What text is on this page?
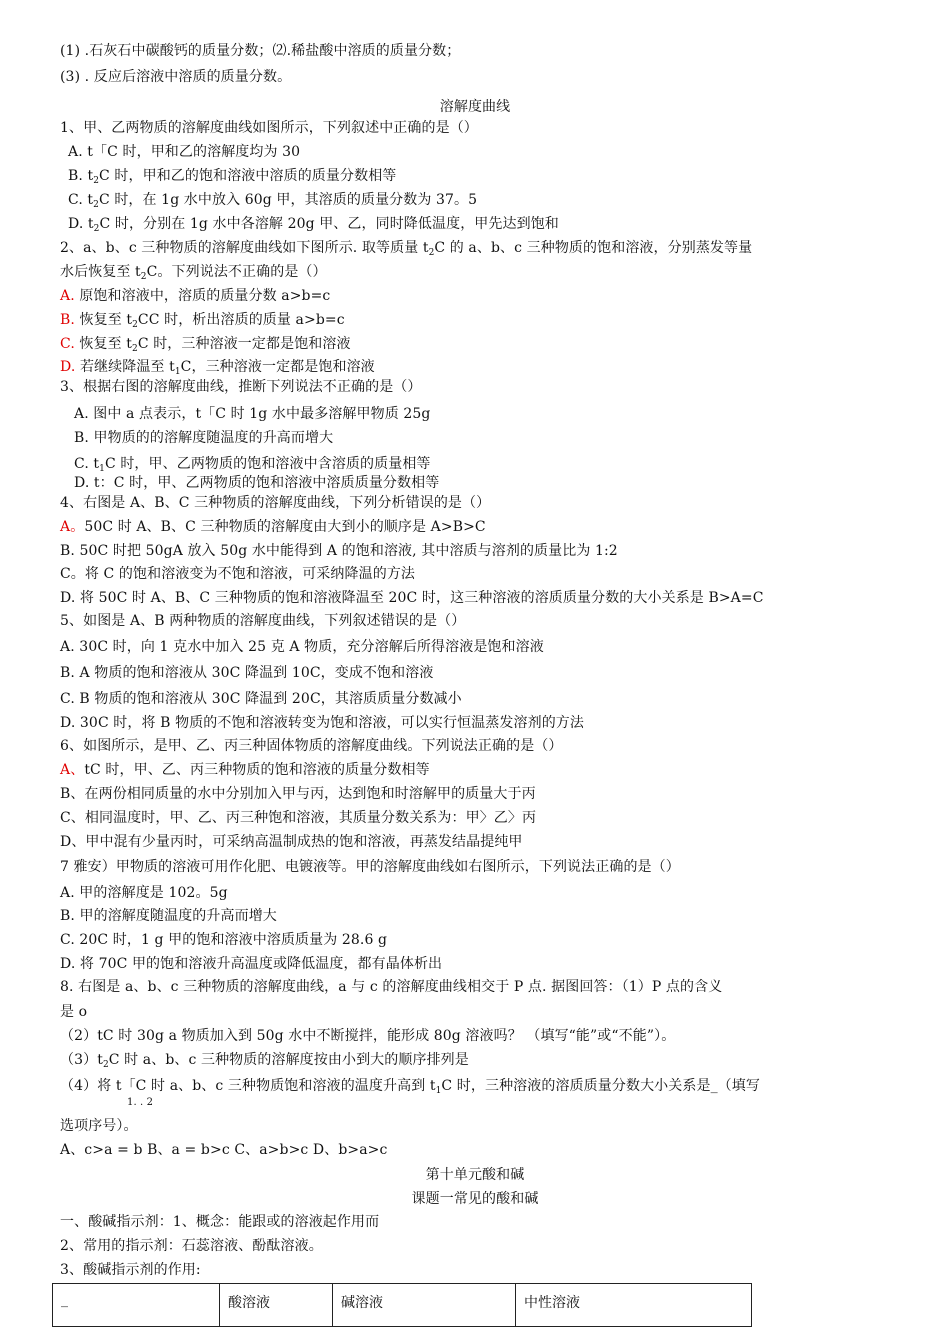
(1) .石灰石中碳酸钙的质量分数；⑵.稀盐酸中溶质的质量分数；
(3) . 反应后溶液中溶质的质量分数。
溶解度曲线
1、甲、乙两物质的溶解度曲线如图所示，下列叙述中正确的是（）
A. t「C 时，甲和乙的溶解度均为 30
B. $t_2C$ 时，甲和乙的饱和溶液中溶质的质量分数相等
C. $t_2C$ 时，在 1g 水中放入 60g 甲，其溶质的质量分数为 37。5
D. $t_2C$ 时，分别在 1g 水中各溶解 20g 甲、乙，同时降低温度，甲先达到饱和
2、a、b、c 三种物质的溶解度曲线如下图所示. 取等质量 $t_2C$ 的 a、b、c 三种物质的饱和溶液，分别蒸发等量
水后恢复至 $t_2C$。下列说法不正确的是（）
A. 原饱和溶液中，溶质的质量分数 a>b=c
B. 恢复至 $t_2CC$ 时，析出溶质的质量 a>b=c
C. 恢复至 $t_2C$ 时，三种溶液一定都是饱和溶液
D. 若继续降温至 $t_1C$，三种溶液一定都是饱和溶液
3、根据右图的溶解度曲线，推断下列说法不正确的是（）
A. 图中 a 点表示，t「C 时 1g 水中最多溶解甲物质 25g
B. 甲物质的的溶解度随温度的升高而增大
C. $t_1C$ 时，甲、乙两物质的饱和溶液中含溶质的质量相等
D. t：C 时，甲、乙两物质的饱和溶液中溶质质量分数相等
4、右图是 A、B、C 三种物质的溶解度曲线，下列分析错误的是（）
A。50C 时 A、B、C 三种物质的溶解度由大到小的顺序是 A>B>C
B. 50C 时把 50gA 放入 50g 水中能得到 A 的饱和溶液, 其中溶质与溶剂的质量比为 1:2
C。将 C 的饱和溶液变为不饱和溶液，可采纳降温的方法
D. 将 50C 时 A、B、C 三种物质的饱和溶液降温至 20C 时，这三种溶液的溶质质量分数的大小关系是 B>A=C
5、如图是 A、B 两种物质的溶解度曲线，下列叙述错误的是（）
A. 30C 时，向 1 克水中加入 25 克 A 物质，充分溶解后所得溶液是饱和溶液
B. A 物质的饱和溶液从 30C 降温到 10C，变成不饱和溶液
C. B 物质的饱和溶液从 30C 降温到 20C，其溶质质量分数减小
D. 30C 时，将 B 物质的不饱和溶液转变为饱和溶液，可以实行恒温蒸发溶剂的方法
6、如图所示，是甲、乙、丙三种固体物质的溶解度曲线。下列说法正确的是（）
A、tC 时，甲、乙、丙三种物质的饱和溶液的质量分数相等
B、在两份相同质量的水中分别加入甲与丙，达到饱和时溶解甲的质量大于丙
C、相同温度时，甲、乙、丙三种饱和溶液，其质量分数关系为：甲〉乙〉丙
D、甲中混有少量丙时，可采纳高温制成热的饱和溶液，再蒸发结晶提纯甲
7 雅安）甲物质的溶液可用作化肥、电镀液等。甲的溶解度曲线如右图所示，下列说法正确的是（）
A. 甲的溶解度是 102。5g
B. 甲的溶解度随温度的升高而增大
C. 20C 时，1 g 甲的饱和溶液中溶质质量为 28.6 g
D. 将 70C 甲的饱和溶液升高温度或降低温度，都有晶体析出
8. 右图是 a、b、c 三种物质的溶解度曲线，a 与 c 的溶解度曲线相交于 P 点. 据图回答：（1）P 点的含义
是 o
（2）tC 时 30g a 物质加入到 50g 水中不断搅拌，能形成 80g 溶液吗？ （填写“能”或“不能”）。
$(3)t_2C$ 时 a、b、c 三种物质的溶解度按由小到大的顺序排列是
（4）将 t「C 时 a、b、c 三种物质饱和溶液的温度升高到 $t_1C$ 时，三种溶液的溶质质量分数大小关系是_（填写
1. . 2
选项序号）。
A、c>a = b B、a = b>c C、a>b>c D、b>a>c
第十单元酸和碱
课题一常见的酸和碱
一、酸碱指示剂：1、概念：能跟或的溶液起作用而
2、常用的指示剂：石蕊溶液、酚酞溶液。
3、酸碱指示剂的作用:
_	酸溶液	碱溶液	中性溶液
